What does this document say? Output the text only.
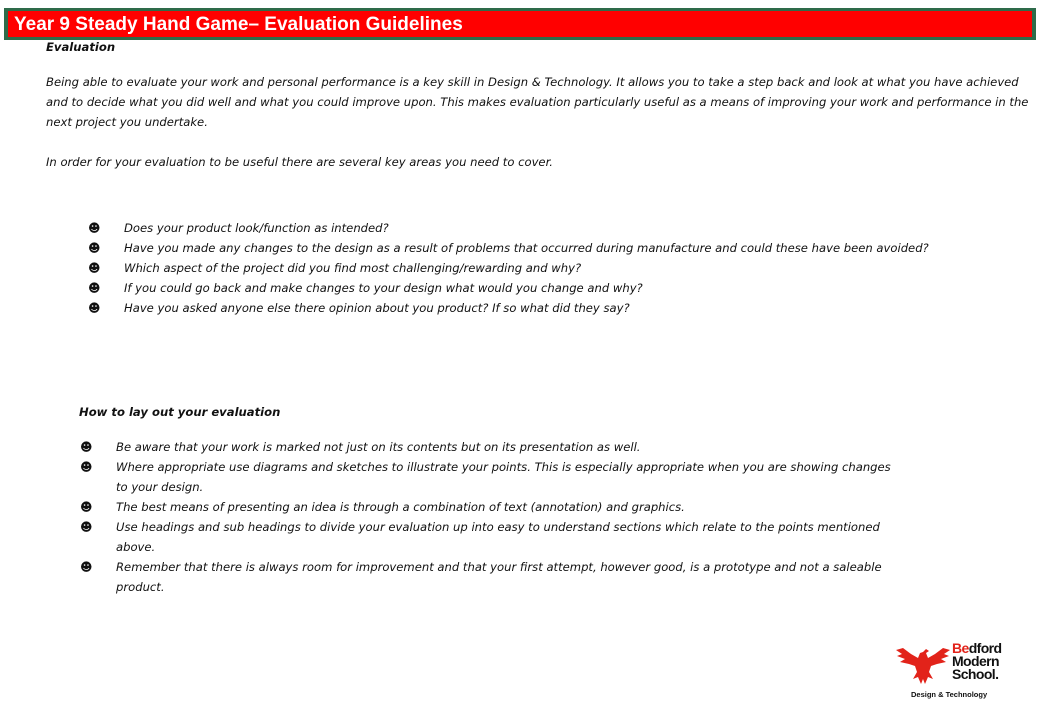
Year 9 Steady Hand Game– Evaluation Guidelines
Evaluation
Being able to evaluate your work and personal performance is a key skill in Design & Technology. It allows you to take a step back and look at what you have achieved and to decide what you did well and what you could improve upon. This makes evaluation particularly useful as a means of improving your work and performance in the next project you undertake.
In order for your evaluation to be useful there are several key areas you need to cover.
☻	Does your product look/function as intended?
☻	Have you made any changes to the design as a result of problems that occurred during manufacture and could these have been avoided?
☻	Which aspect of the project did you find most challenging/rewarding and why?
☻	If you could go back and make changes to your design what would you change and why?
☻	Have you asked anyone else there opinion about you product? If so what did they say?
How to lay out your evaluation
☻	Be aware that your work is marked not just on its contents but on its presentation as well.
☻	Where appropriate use diagrams and sketches to illustrate your points. This is especially appropriate when you are showing changes to your design.
☻	The best means of presenting an idea is through a combination of text (annotation) and graphics.
☻	Use headings and sub headings to divide your evaluation up into easy to understand sections which relate to the points mentioned above.
☻	Remember that there is always room for improvement and that your first attempt, however good, is a prototype and not a saleable product.
Bedford
Modern
School.
Design & Technology
